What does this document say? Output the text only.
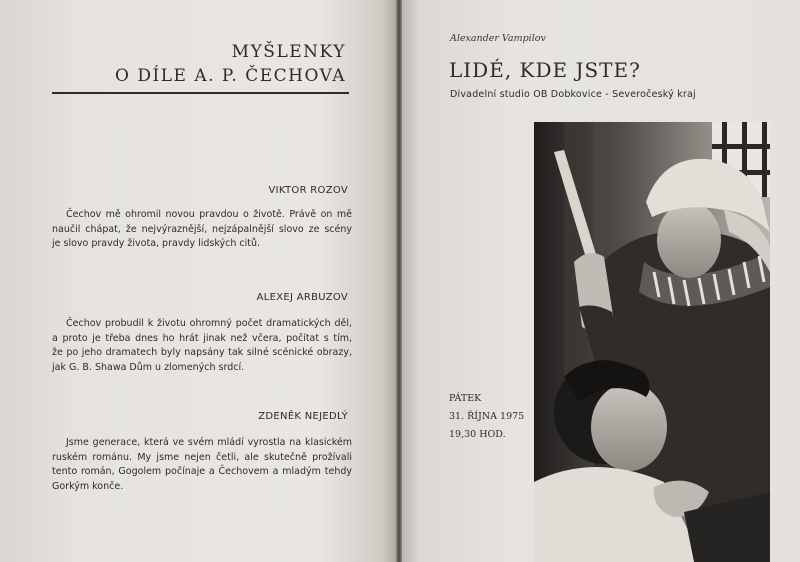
MYŠLENKY
O DÍLE A. P. ČECHOVA
VIKTOR ROZOV
Čechov mě ohromil novou pravdou o životě. Právě on mě
naučil chápat, že nejvýraznější, nejzápalnější slovo ze scény
je slovo pravdy života, pravdy lidských citů.
ALEXEJ ARBUZOV
Čechov probudil k životu ohromný počet dramatických děl,
a proto je třeba dnes ho hrát jinak než včera, počítat s tím,
že po jeho dramatech byly napsány tak silné scénické obrazy,
jak G. B. Shawa Dům u zlomených srdcí.
ZDENĚK NEJEDLÝ
Jsme generace, která ve svém mládí vyrostla na klasickém
ruském románu. My jsme nejen četli, ale skutečně prožívali
tento román, Gogolem počínaje a Čechovem a mladým tehdy
Gorkým konče.
Alexander Vampilov
LIDÉ, KDE JSTE?
Divadelní studio OB Dobkovice - Severočeský kraj
PÁTEK
31. ŘÍJNA 1975
19,30 HOD.
